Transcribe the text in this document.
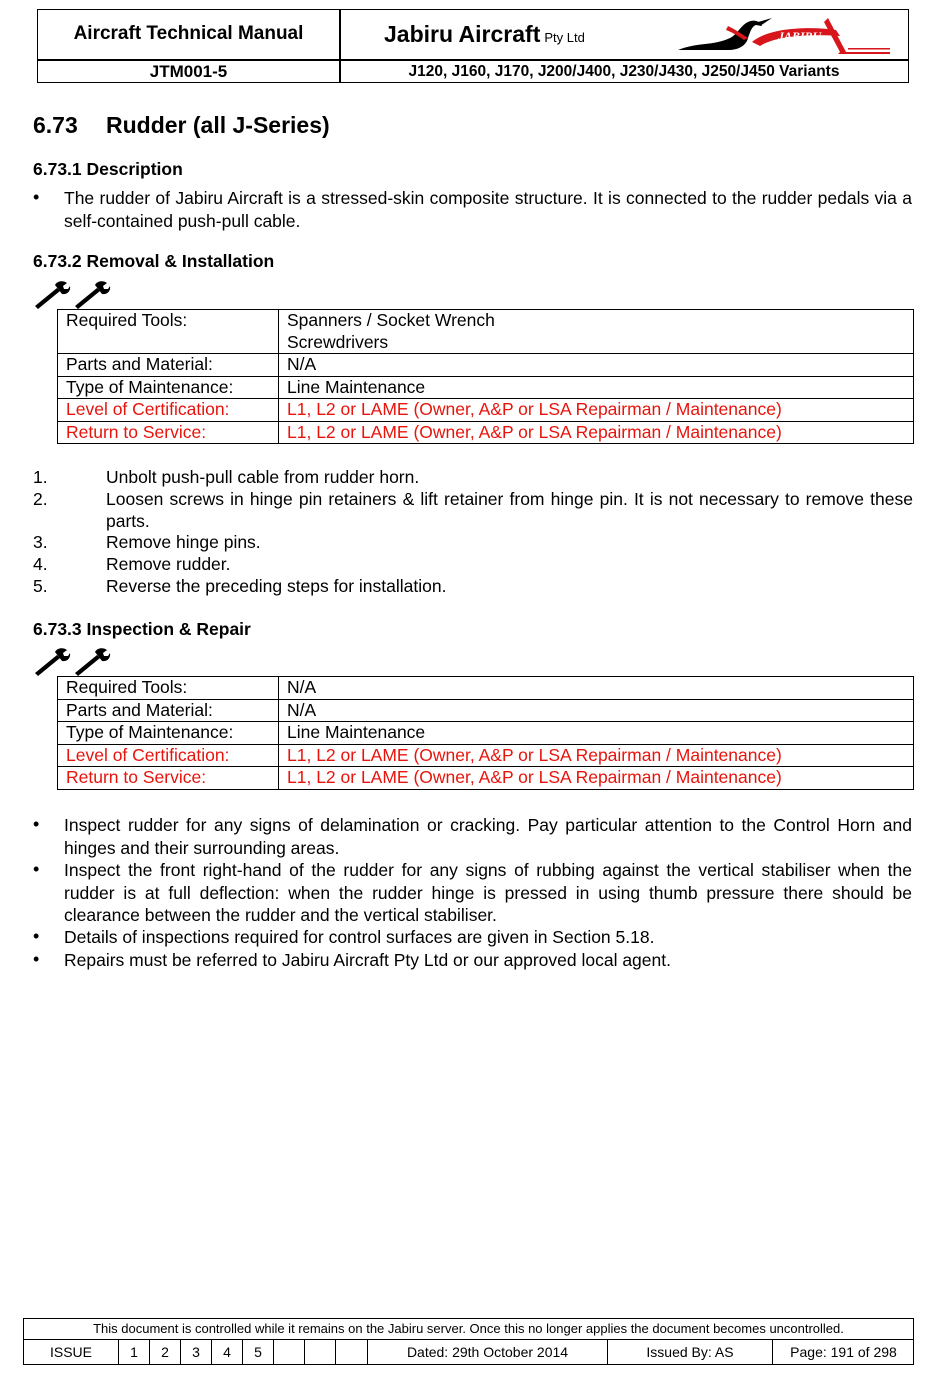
Aircraft Technical Manual	Jabiru Aircraft Pty Ltd	JABIRU
JTM001-5	J120, J160, J170, J200/J400, J230/J430, J250/J450 Variants
6.73 Rudder (all J-Series)
6.73.1 Description
• The rudder of Jabiru Aircraft is a stressed-skin composite structure. It is connected to the rudder pedals via a self-contained push-pull cable.
6.73.2 Removal & Installation
Required Tools:	Spanners / Socket Wrench
Screwdrivers

Parts and Material:	N/A
Type of Maintenance:	Line Maintenance
Level of Certification:	L1, L2 or LAME (Owner, A&P or LSA Repairman / Maintenance)
Return to Service:	L1, L2 or LAME (Owner, A&P or LSA Repairman / Maintenance)
1.	Unbolt push-pull cable from rudder horn.
2.	Loosen screws in hinge pin retainers & lift retainer from hinge pin. It is not necessary to remove these parts.
3.	Remove hinge pins.
4.	Remove rudder.
5.	Reverse the preceding steps for installation.
6.73.3 Inspection & Repair
Required Tools:	N/A
Parts and Material:	N/A
Type of Maintenance:	Line Maintenance
Level of Certification:	L1, L2 or LAME (Owner, A&P or LSA Repairman / Maintenance)
Return to Service:	L1, L2 or LAME (Owner, A&P or LSA Repairman / Maintenance)
• Inspect rudder for any signs of delamination or cracking. Pay particular attention to the Control Horn and hinges and their surrounding areas.
• Inspect the front right-hand of the rudder for any signs of rubbing against the vertical stabiliser when the rudder is at full deflection: when the rudder hinge is pressed in using thumb pressure there should be clearance between the rudder and the vertical stabiliser.
• Details of inspections required for control surfaces are given in Section 5.18.
• Repairs must be referred to Jabiru Aircraft Pty Ltd or our approved local agent.
This document is controlled while it remains on the Jabiru server. Once this no longer applies the document becomes uncontrolled.
ISSUE	1	2	3	4	5	Dated: 29th October 2014	Issued By: AS	Page: 191 of 298
